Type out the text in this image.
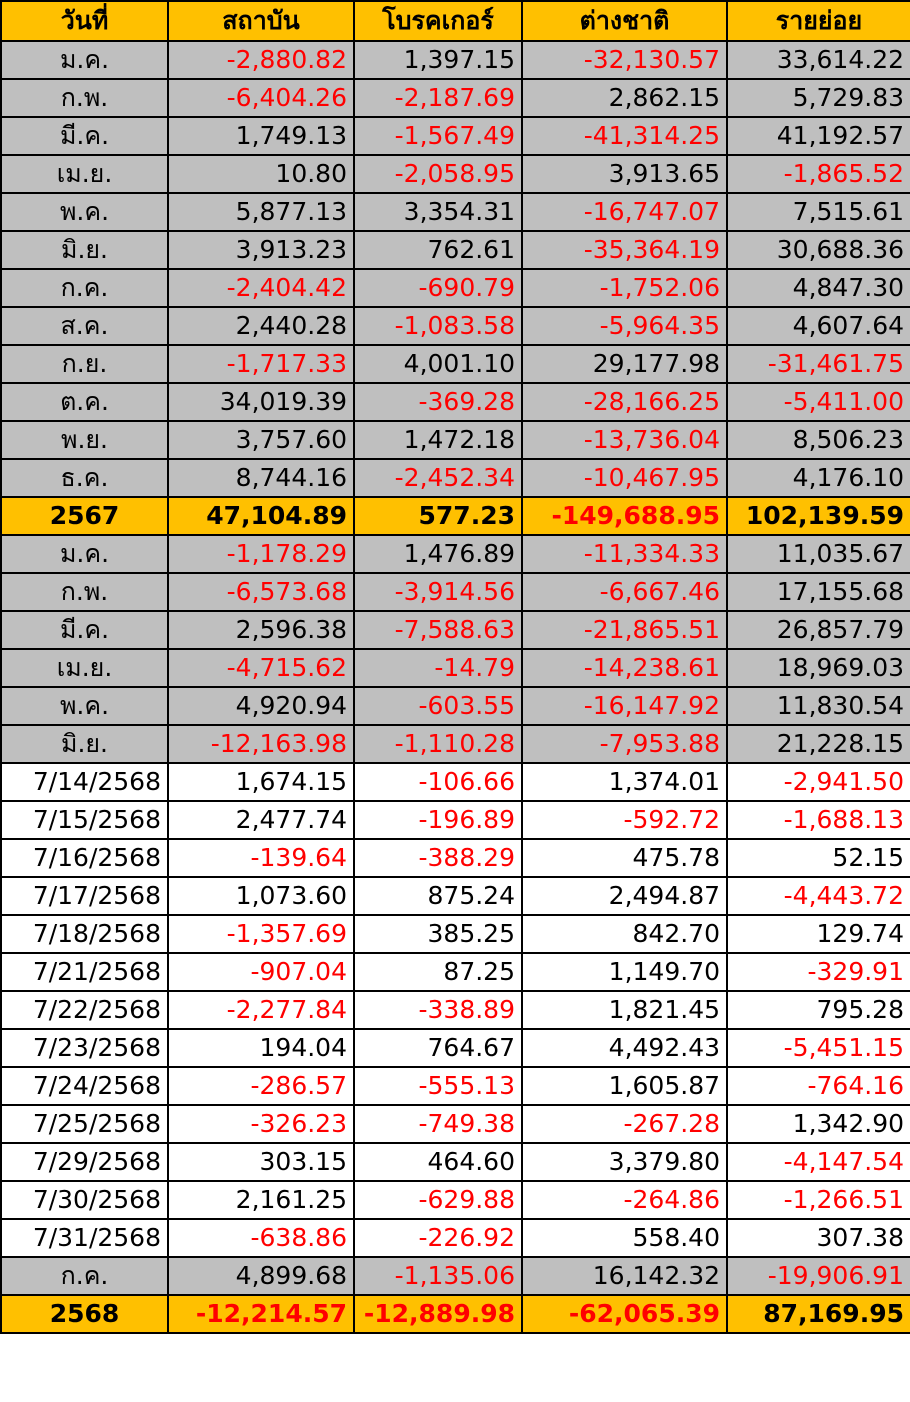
วันที่	สถาบัน	โบรคเกอร์	ต่างชาติ	รายย่อย
ม.ค.	-2,880.82	1,397.15	-32,130.57	33,614.22
ก.พ.	-6,404.26	-2,187.69	2,862.15	5,729.83
มี.ค.	1,749.13	-1,567.49	-41,314.25	41,192.57
เม.ย.	10.80	-2,058.95	3,913.65	-1,865.52
พ.ค.	5,877.13	3,354.31	-16,747.07	7,515.61
มิ.ย.	3,913.23	762.61	-35,364.19	30,688.36
ก.ค.	-2,404.42	-690.79	-1,752.06	4,847.30
ส.ค.	2,440.28	-1,083.58	-5,964.35	4,607.64
ก.ย.	-1,717.33	4,001.10	29,177.98	-31,461.75
ต.ค.	34,019.39	-369.28	-28,166.25	-5,411.00
พ.ย.	3,757.60	1,472.18	-13,736.04	8,506.23
ธ.ค.	8,744.16	-2,452.34	-10,467.95	4,176.10
2567	47,104.89	577.23	-149,688.95	102,139.59
ม.ค.	-1,178.29	1,476.89	-11,334.33	11,035.67
ก.พ.	-6,573.68	-3,914.56	-6,667.46	17,155.68
มี.ค.	2,596.38	-7,588.63	-21,865.51	26,857.79
เม.ย.	-4,715.62	-14.79	-14,238.61	18,969.03
พ.ค.	4,920.94	-603.55	-16,147.92	11,830.54
มิ.ย.	-12,163.98	-1,110.28	-7,953.88	21,228.15
7/14/2568	1,674.15	-106.66	1,374.01	-2,941.50
7/15/2568	2,477.74	-196.89	-592.72	-1,688.13
7/16/2568	-139.64	-388.29	475.78	52.15
7/17/2568	1,073.60	875.24	2,494.87	-4,443.72
7/18/2568	-1,357.69	385.25	842.70	129.74
7/21/2568	-907.04	87.25	1,149.70	-329.91
7/22/2568	-2,277.84	-338.89	1,821.45	795.28
7/23/2568	194.04	764.67	4,492.43	-5,451.15
7/24/2568	-286.57	-555.13	1,605.87	-764.16
7/25/2568	-326.23	-749.38	-267.28	1,342.90
7/29/2568	303.15	464.60	3,379.80	-4,147.54
7/30/2568	2,161.25	-629.88	-264.86	-1,266.51
7/31/2568	-638.86	-226.92	558.40	307.38
ก.ค.	4,899.68	-1,135.06	16,142.32	-19,906.91
2568	-12,214.57	-12,889.98	-62,065.39	87,169.95
